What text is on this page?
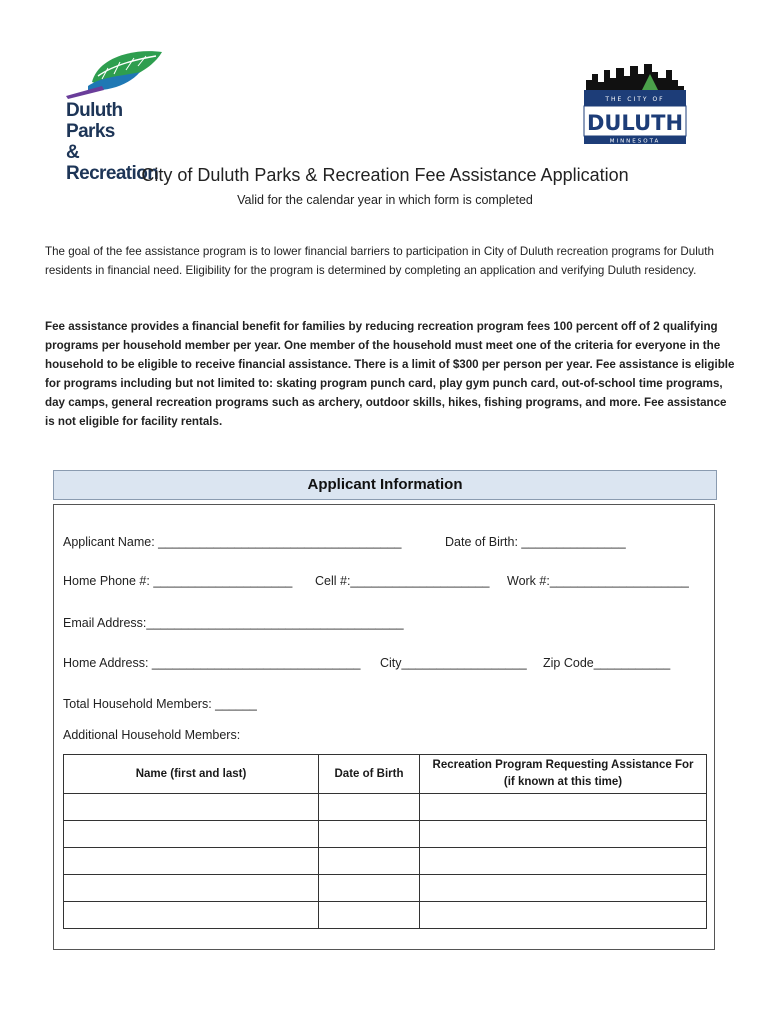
Duluth Parks
& Recreation
THE CITY OF
DULUTH
MINNESOTA
City of Duluth Parks & Recreation Fee Assistance Application
Valid for the calendar year in which form is completed
The goal of the fee assistance program is to lower financial barriers to participation in City of Duluth recreation programs for Duluth residents in financial need. Eligibility for the program is determined by completing an application and verifying Duluth residency.
Fee assistance provides a financial benefit for families by reducing recreation program fees 100 percent off of 2 qualifying programs per household member per year. One member of the household must meet one of the criteria for everyone in the household to be eligible to receive financial assistance. There is a limit of $300 per person per year. Fee assistance is eligible for programs including but not limited to: skating program punch card, play gym punch card, out-of-school time programs, day camps, general recreation programs such as archery, outdoor skills, hikes, fishing programs, and more. Fee assistance is not eligible for facility rentals.
Applicant Information
Applicant Name: ___________________________________	Date of Birth: _______________
Home Phone #: ____________________ Cell #:____________________ Work #:____________________
Email Address:_____________________________________
Home Address: ______________________________ City__________________ Zip Code___________
Total Household Members: ______
Additional Household Members:
Name (first and last)	Date of Birth	Recreation Program Requesting Assistance For
(if known at this time)
